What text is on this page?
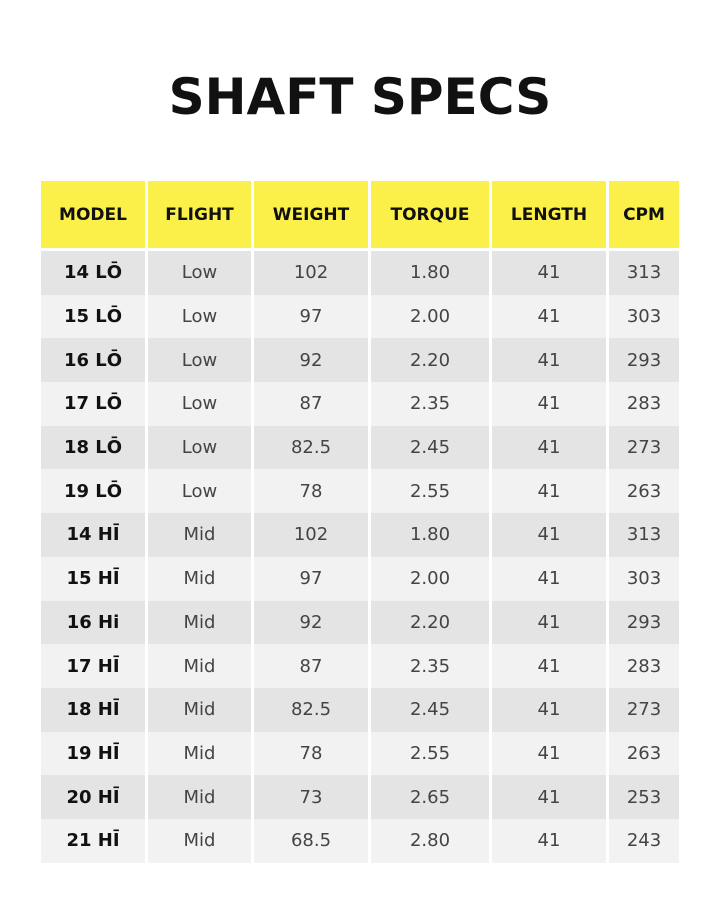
SHAFT SPECS
MODEL	FLIGHT	WEIGHT	TORQUE	LENGTH	CPM
14 LŌ	Low	102	1.80	41	313
15 LŌ	Low	97	2.00	41	303
16 LŌ	Low	92	2.20	41	293
17 LŌ	Low	87	2.35	41	283
18 LŌ	Low	82.5	2.45	41	273
19 LŌ	Low	78	2.55	41	263
14 HĪ	Mid	102	1.80	41	313
15 HĪ	Mid	97	2.00	41	303
16 Hi	Mid	92	2.20	41	293
17 HĪ	Mid	87	2.35	41	283
18 HĪ	Mid	82.5	2.45	41	273
19 HĪ	Mid	78	2.55	41	263
20 HĪ	Mid	73	2.65	41	253
21 HĪ	Mid	68.5	2.80	41	243
